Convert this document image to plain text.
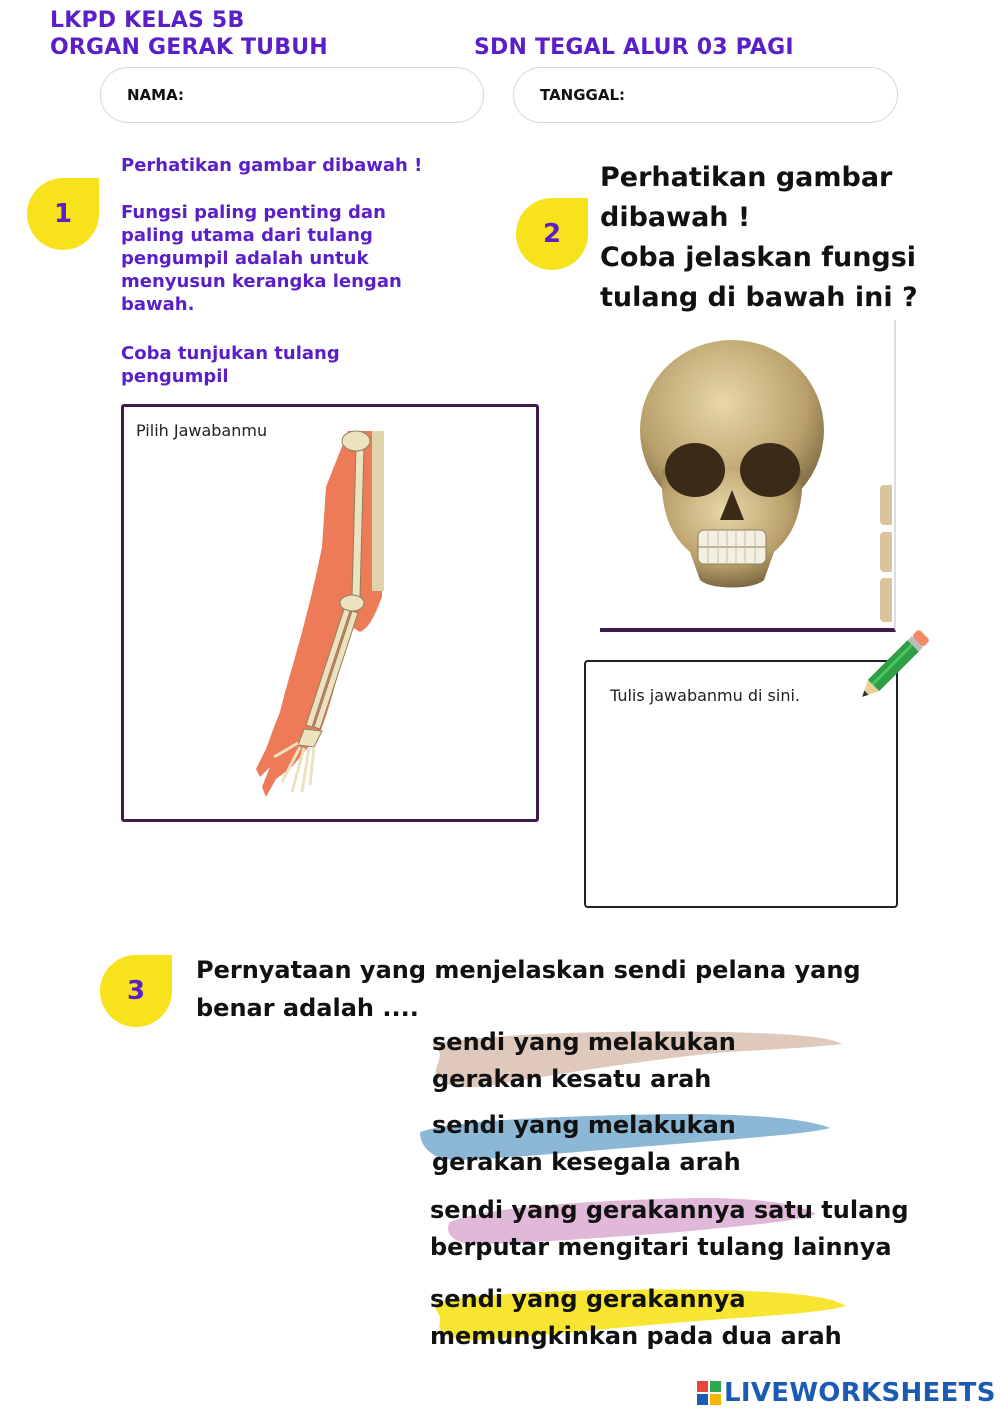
LKPD KELAS 5B
ORGAN GERAK TUBUH	SDN TEGAL ALUR 03 PAGI
NAMA:	TANGGAL:
1
Perhatikan gambar dibawah !
Fungsi paling penting dan paling utama dari tulang pengumpil adalah untuk menyusun kerangka lengan bawah.
Coba tunjukan tulang pengumpil
Pilih Jawabanmu
2
Perhatikan gambar dibawah !
Coba jelaskan fungsi tulang di bawah ini ?
Tulis jawabanmu di sini.
3
Pernyataan yang menjelaskan sendi pelana yang benar adalah ....
sendi yang melakukan
gerakan kesatu arah
sendi yang melakukan
gerakan kesegala arah
sendi yang gerakannya satu tulang
berputar mengitari tulang lainnya
sendi yang gerakannya
memungkinkan pada dua arah
LIVEWORKSHEETS
